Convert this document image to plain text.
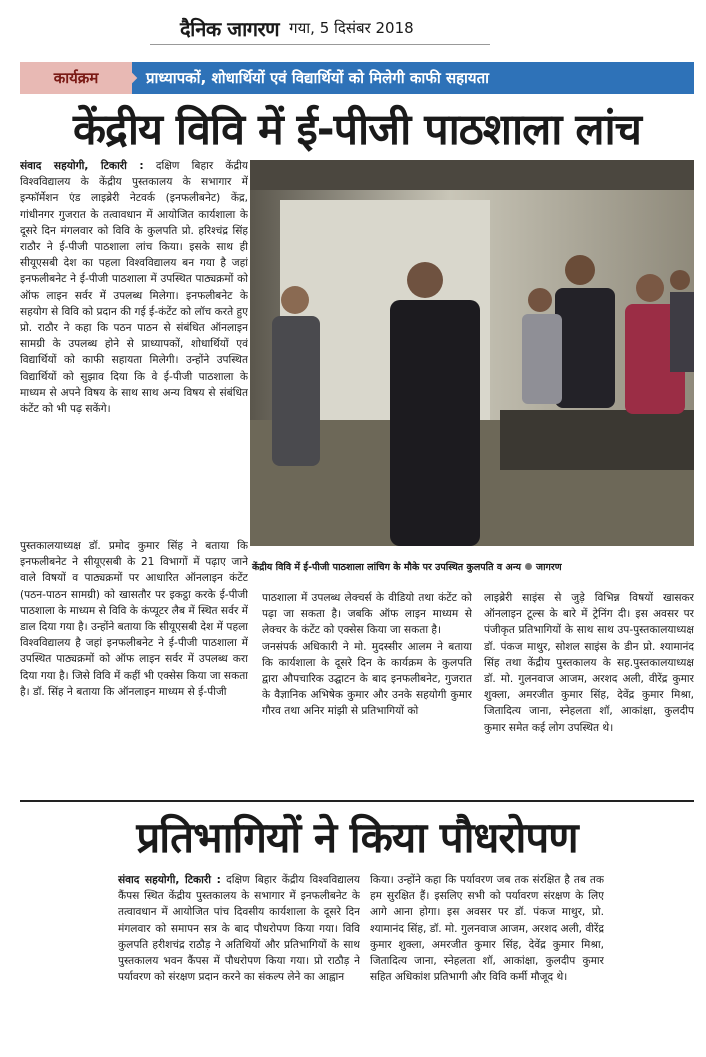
दैनिक जागरण गया, 5 दिसंबर 2018
कार्यक्रम	प्राध्यापकों, शोधार्थियों एवं विद्यार्थियों को मिलेगी काफी सहायता
केंद्रीय विवि में ई-पीजी पाठशाला लांच

संवाद सहयोगी, टिकारी : दक्षिण बिहार केंद्रीय विश्वविद्यालय के केंद्रीय पुस्तकालय के सभागार में इन्फॉर्मेशन एंड लाइब्रेरी नेटवर्क (इनफलीबनेट) केंद्र, गांधीनगर गुजरात के तत्वावधान में आयोजित कार्यशाला के दूसरे दिन मंगलवार को विवि के कुलपति प्रो. हरिश्चंद्र सिंह राठौर ने ई-पीजी पाठशाला लांच किया। इसके साथ ही सीयूएसबी देश का पहला विश्वविद्यालय बन गया है जहां इनफलीबनेट ने ई-पीजी पाठशाला में उपस्थित पाठ्यक्रमों को ऑफ लाइन सर्वर में उपलब्ध मिलेगा। इनफलीबनेट के सहयोग से विवि को प्रदान की गई ई-कंटेंट को लॉच करते हुए प्रो. राठौर ने कहा कि पठन पाठन से संबंधित ऑनलाइन सामग्री के उपलब्ध होने से प्राध्यापकों, शोधार्थियों एवं विद्यार्थियों को काफी सहायता मिलेगी। उन्होंने उपस्थित विद्यार्थियों को सुझाव दिया कि वे ई-पीजी पाठशाला के माध्यम से अपने विषय के साथ साथ अन्य विषय से संबंधित कंटेंट को भी पढ़ सकेंगे।

केंद्रीय विवि में ई-पीजी पाठशाला लांचिग के मौके पर उपस्थित कुलपति व अन्य जागरण

पुस्तकालयाध्यक्ष डॉ. प्रमोद कुमार सिंह ने बताया कि इनफलीबनेट ने सीयूएसबी के 21 विभागों में पढ़ाए जाने वाले विषयों व पाठ्यक्रमों पर आधारित ऑनलाइन कंटेंट (पठन-पाठन सामग्री) को खासतौर पर इकट्ठा करके ई-पीजी पाठशाला के माध्यम से विवि के कंप्यूटर लैब में स्थित सर्वर में डाल दिया गया है। उन्होंने बताया कि सीयूएसबी देश में पहला विश्वविद्यालय है जहां इनफलीबनेट ने ई-पीजी पाठशाला में उपस्थित पाठ्यक्रमों को ऑफ लाइन सर्वर में उपलब्ध करा दिया गया है। जिसे विवि में कहीं भी एक्सेस किया जा सकता है। डॉ. सिंह ने बताया कि ऑनलाइन माध्यम से ई-पीजी

पाठशाला में उपलब्ध लेक्चर्स के वीडियो तथा कंटेंट को पढ़ा जा सकता है। जबकि ऑफ लाइन माध्यम से लेक्चर के कंटेंट को एक्सेस किया जा सकता है।

जनसंपर्क अधिकारी ने मो. मुदस्सीर आलम ने बताया कि कार्यशाला के दूसरे दिन के कार्यक्रम के कुलपति द्वारा औपचारिक उद्घाटन के बाद इनफलीबनेट, गुजरात के वैज्ञानिक अभिषेक कुमार और उनके सहयोगी कुमार गौरव तथा अनिर मांझी से प्रतिभागियों को

लाइब्रेरी साइंस से जुड़े विभिन्न विषयों खासकर ऑनलाइन टूल्स के बारे में ट्रेनिंग दी। इस अवसर पर पंजीकृत प्रतिभागियों के साथ साथ उप-पुस्तकालयाध्यक्ष डॉ. पंकज माथुर, सोशल साइंस के डीन प्रो. श्यामानंद सिंह तथा केंद्रीय पुस्तकालय के सह.पुस्तकालयाध्यक्ष डॉ. मो. गुलनवाज आजम, अरशद अली, वीरेंद्र कुमार शुक्ला, अमरजीत कुमार सिंह, देवेंद्र कुमार मिश्रा, जितादित्य जाना, स्नेहलता शॉ, आकांक्षा, कुलदीप कुमार समेत कई लोग उपस्थित थे।

प्रतिभागियों ने किया पौधरोपण

संवाद सहयोगी, टिकारी : दक्षिण बिहार केंद्रीय विश्वविद्यालय कैंपस स्थित केंद्रीय पुस्तकालय के सभागार में इनफलीबनेट के तत्वावधान में आयोजित पांच दिवसीय कार्यशाला के दूसरे दिन मंगलवार को समापन सत्र के बाद पौधरोपण किया गया। विवि कुलपति हरीशचंद्र राठौड़ ने अतिथियों और प्रतिभागियों के साथ पुस्तकालय भवन कैंपस में पौधरोपण किया गया। प्रो राठौड़ ने पर्यावरण को संरक्षण प्रदान करने का संकल्प लेने का आह्वान

किया। उन्होंने कहा कि पर्यावरण जब तक संरक्षित है तब तक हम सुरक्षित हैं। इसलिए सभी को पर्यावरण संरक्षण के लिए आगे आना होगा। इस अवसर पर डॉ. पंकज माथुर, प्रो. श्यामानंद सिंह, डॉ. मो. गुलनवाज आजम, अरशद अली, वीरेंद्र कुमार शुक्ला, अमरजीत कुमार सिंह, देवेंद्र कुमार मिश्रा, जितादित्य जाना, स्नेहलता शॉ, आकांक्षा, कुलदीप कुमार सहित अधिकांश प्रतिभागी और विवि कर्मी मौजूद थे।
